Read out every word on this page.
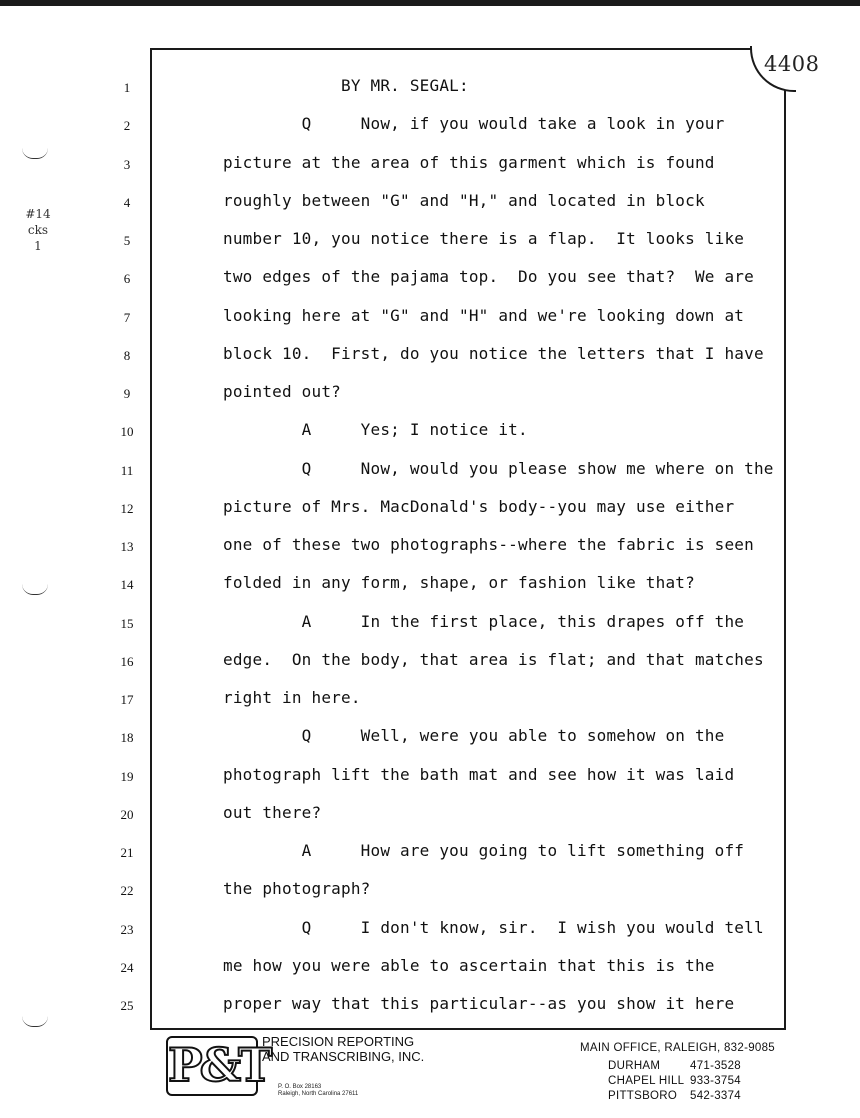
4408
#14
cks
1
1	BY MR. SEGAL:
2	Q     Now, if you would take a look in your
3	picture at the area of this garment which is found
4	roughly between "G" and "H," and located in block
5	number 10, you notice there is a flap.  It looks like
6	two edges of the pajama top.  Do you see that?  We are
7	looking here at "G" and "H" and we're looking down at
8	block 10.  First, do you notice the letters that I have
9	pointed out?
10	A     Yes; I notice it.
11	Q     Now, would you please show me where on the
12	picture of Mrs. MacDonald's body--you may use either
13	one of these two photographs--where the fabric is seen
14	folded in any form, shape, or fashion like that?
15	A     In the first place, this drapes off the
16	edge.  On the body, that area is flat; and that matches
17	right in here.
18	Q     Well, were you able to somehow on the
19	photograph lift the bath mat and see how it was laid
20	out there?
21	A     How are you going to lift something off
22	the photograph?
23	Q     I don't know, sir.  I wish you would tell
24	me how you were able to ascertain that this is the
25	proper way that this particular--as you show it here
P&T
PRECISION REPORTING
AND TRANSCRIBING, INC.
P. O. Box 28163
Raleigh, North Carolina 27611
MAIN OFFICE, RALEIGH, 832-9085
DURHAM	471-3528
CHAPEL HILL 933-3754
PITTSBORO 542-3374
